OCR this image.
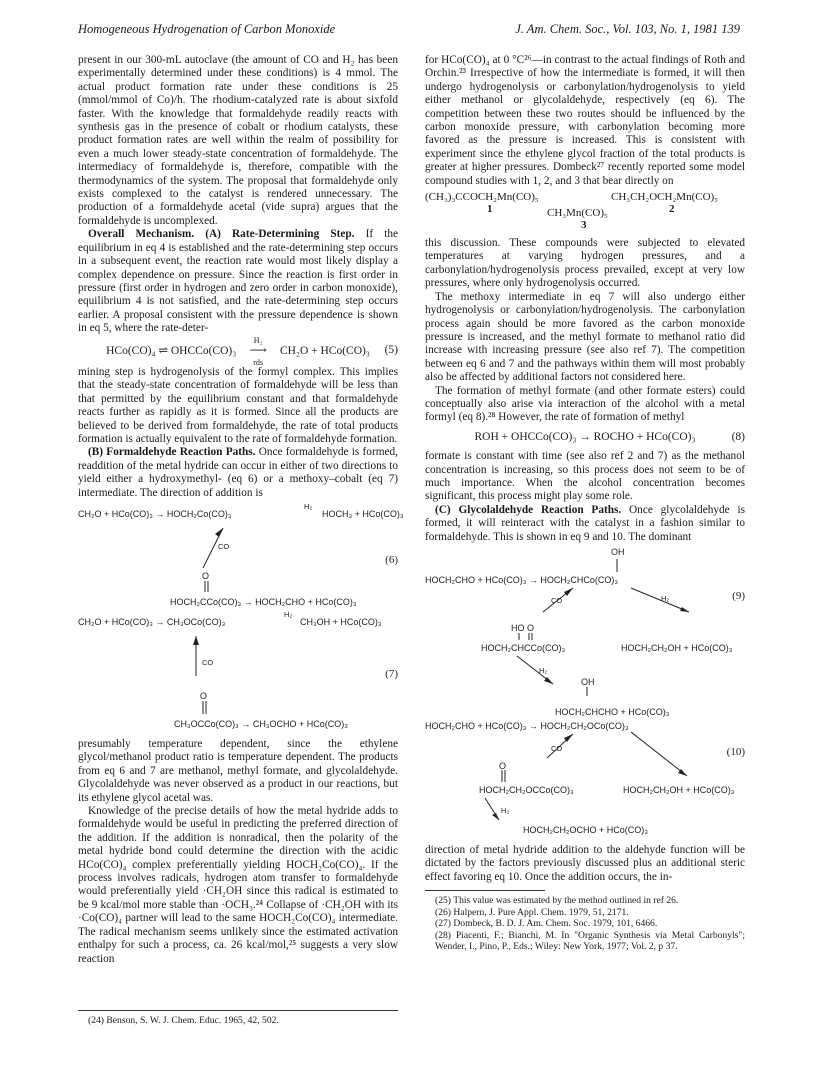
Homogeneous Hydrogenation of Carbon Monoxide	J. Am. Chem. Soc., Vol. 103, No. 1, 1981 139

present in our 300-mL autoclave (the amount of CO and H₂ has been experimentally determined under these conditions) is 4 mmol. The actual product formation rate under these conditions is 25 (mmol/mmol of Co)/h. The rhodium-catalyzed rate is about sixfold faster. With the knowledge that formaldehyde readily reacts with synthesis gas in the presence of cobalt or rhodium catalysts, these product formation rates are well within the realm of possibility for even a much lower steady-state concentration of formaldehyde. The intermediacy of formaldehyde is, therefore, compatible with the thermodynamics of the system. The proposal that formaldehyde only exists complexed to the catalyst is rendered unnecessary. The production of a formaldehyde acetal (vide supra) argues that the formaldehyde is uncomplexed.

Overall Mechanism. (A) Rate-Determining Step. If the equilibrium in eq 4 is established and the rate-determining step occurs in a subsequent event, the reaction rate would most likely display a complex dependence on pressure. Since the reaction is first order in pressure (first order in hydrogen and zero order in carbon monoxide), equilibrium 4 is not satisfied, and the rate-determining step occurs earlier. A proposal consistent with the pressure dependence is shown in eq 5, where the rate-deter-

HCo(CO)₄ ⇌ OHCCo(CO)₃
H₂
⟶
rds
CH₂O + HCo(CO)₃ (5)

mining step is hydrogenolysis of the formyl complex. This implies that the steady-state concentration of formaldehyde will be less than that permitted by the equilibrium constant and that formaldehyde reacts further as rapidly as it is formed. Since all the products are believed to be derived from formaldehyde, the rate of total products formation is actually equivalent to the rate of formaldehyde formation.

(B) Formaldehyde Reaction Paths. Once formaldehyde is formed, readdition of the metal hydride can occur in either of two directions to yield either a hydroxymethyl- (eq 6) or a methoxy–cobalt (eq 7) intermediate. The direction of addition is

CH₂O + HCo(CO)₃ → HOCH₂Co(CO)₃
H₂
HOCH₃ + HCo(CO)₃
CO
O
(6)
HOCH₂CCo(CO)₃ → HOCH₂CHO + HCo(CO)₃
CH₂O + HCo(CO)₃ → CH₃OCo(CO)₃
H₂
CH₃OH + HCo(CO)₃
CO
(7)
O
CH₃OCCo(CO)₃ → CH₃OCHO + HCo(CO)₃

presumably temperature dependent, since the ethylene glycol/methanol product ratio is temperature dependent. The products from eq 6 and 7 are methanol, methyl formate, and glycolaldehyde. Glycolaldehyde was never observed as a product in our reactions, but its ethylene glycol acetal was.

Knowledge of the precise details of how the metal hydride adds to formaldehyde would be useful in predicting the preferred direction of the addition. If the addition is nonradical, then the polarity of the metal hydride bond could determine the direction with the acidic HCo(CO)₄ complex preferentially yielding HOCH₂Co(CO)₄. If the process involves radicals, hydrogen atom transfer to formaldehyde would preferentially yield ·CH₂OH since this radical is estimated to be 9 kcal/mol more stable than ·OCH₃.²⁴ Collapse of ·CH₂OH with its ·Co(CO)₄ partner will lead to the same HOCH₂Co(CO)₄ intermediate. The radical mechanism seems unlikely since the estimated activation enthalpy for such a process, ca. 26 kcal/mol,²⁵ suggests a very slow reaction

(24) Benson, S. W. J. Chem. Educ. 1965, 42, 502.

for HCo(CO)₄ at 0 °C²⁶—in contrast to the actual findings of Roth and Orchin.²³ Irrespective of how the intermediate is formed, it will then undergo hydrogenolysis or carbonylation/hydrogenolysis to yield either methanol or glycolaldehyde, respectively (eq 6). The competition between these two routes should be influenced by the carbon monoxide pressure, with carbonylation becoming more favored as the pressure is increased. This is consistent with experiment since the ethylene glycol fraction of the total products is greater at higher pressures. Dombeck²⁷ recently reported some model compound studies with 1, 2, and 3 that bear directly on

(CH₃)₃CCOCH₂Mn(CO)₅
1
CH₃CH₂OCH₂Mn(CO)₅
2
CH₃Mn(CO)₅
3

this discussion. These compounds were subjected to elevated temperatures at varying hydrogen pressures, and a carbonylation/hydrogenolysis process prevailed, except at very low pressures, where only hydrogenolysis occurred.

The methoxy intermediate in eq 7 will also undergo either hydrogenolysis or carbonylation/hydrogenolysis. The carbonylation process again should be more favored as the carbon monoxide pressure is increased, and the methyl formate to methanol ratio did increase with increasing pressure (see also ref 7). The competition between eq 6 and 7 and the pathways within them will most probably also be affected by additional factors not considered here.

The formation of methyl formate (and other formate esters) could conceptually also arise via interaction of the alcohol with a metal formyl (eq 8).²⁸ However, the rate of formation of methyl

ROH + OHCCo(CO)₃ → ROCHO + HCo(CO)₃	(8)

formate is constant with time (see also ref 2 and 7) as the methanol concentration is increasing, so this process does not seem to be of much importance. When the alcohol concentration becomes significant, this process might play some role.

(C) Glycolaldehyde Reaction Paths. Once glycolaldehyde is formed, it will reinteract with the catalyst in a fashion similar to formaldehyde. This is shown in eq 9 and 10. The dominant

OH
HOCH₂CHO + HCo(CO)₃ → HOCH₂CHCo(CO)₃
CO	H₂	(9)
HO O
HOCH₂CHCCo(CO)₃	HOCH₂CH₂OH + HCo(CO)₃
H₂
OH
HOCH₂CHCHO + HCo(CO)₃
HOCH₂CHO + HCo(CO)₃ → HOCH₂CH₂OCo(CO)₃
CO	(10)
O
HOCH₂CH₂OCCo(CO)₃	HOCH₂CH₂OH + HCo(CO)₃
H₂
HOCH₂CH₂OCHO + HCo(CO)₃

direction of metal hydride addition to the aldehyde function will be dictated by the factors previously discussed plus an additional steric effect favoring eq 10. Once the addition occurs, the in-

(25) This value was estimated by the method outlined in ref 26.
(26) Halpern, J. Pure Appl. Chem. 1979, 51, 2171.
(27) Dombeck, B. D. J. Am. Chem. Soc. 1979, 101, 6466.
(28) Piacenti, F.; Bianchi, M. In "Organic Synthesis via Metal Carbonyls"; Wender, I., Pino, P., Eds.; Wiley: New York, 1977; Vol. 2, p 37.
